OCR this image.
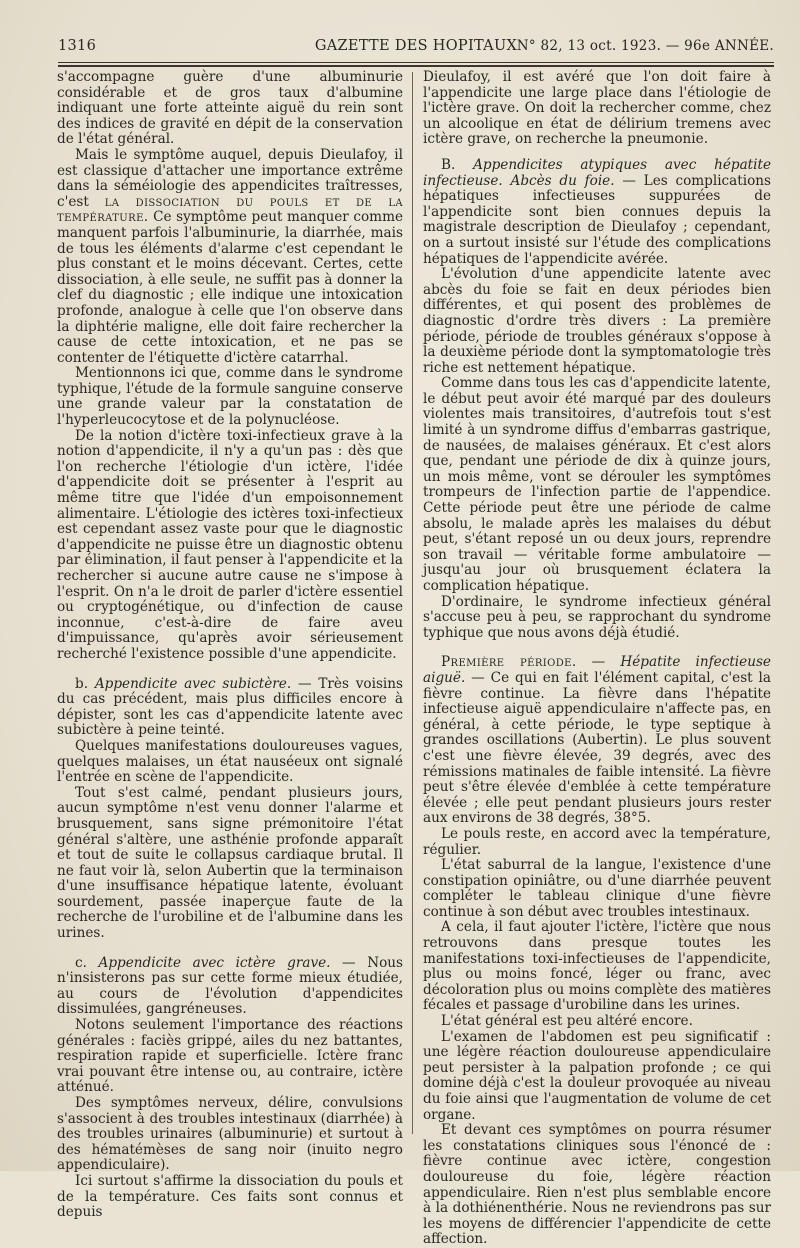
1316	GAZETTE DES HOPITAUX N° 82, 13 oct. 1923. — 96e ANNÉE.

s'accompagne guère d'une albuminurie considérable et de gros taux d'albumine indiquant une forte atteinte aiguë du rein sont des indices de gravité en dépit de la conservation de l'état général.

Mais le symptôme auquel, depuis Dieulafoy, il est classique d'attacher une importance extrême dans la séméiologie des appendicites traîtresses, c'est la dissociation du pouls et de la température. Ce symptôme peut manquer comme manquent parfois l'albuminurie, la diarrhée, mais de tous les éléments d'alarme c'est cependant le plus constant et le moins décevant. Certes, cette dissociation, à elle seule, ne suffit pas à donner la clef du diagnostic ; elle indique une intoxication profonde, analogue à celle que l'on observe dans la diphtérie maligne, elle doit faire rechercher la cause de cette intoxication, et ne pas se contenter de l'étiquette d'ictère catarrhal.

Mentionnons ici que, comme dans le syndrome typhique, l'étude de la formule sanguine conserve une grande valeur par la constatation de l'hyperleucocytose et de la polynucléose.

De la notion d'ictère toxi-infectieux grave à la notion d'appendicite, il n'y a qu'un pas : dès que l'on recherche l'étiologie d'un ictère, l'idée d'appendicite doit se présenter à l'esprit au même titre que l'idée d'un empoisonnement alimentaire. L'étiologie des ictères toxi-infectieux est cependant assez vaste pour que le diagnostic d'appendicite ne puisse être un diagnostic obtenu par élimination, il faut penser à l'appendicite et la rechercher si aucune autre cause ne s'impose à l'esprit. On n'a le droit de parler d'ictère essentiel ou cryptogénétique, ou d'infection de cause inconnue, c'est-à-dire de faire aveu d'impuissance, qu'après avoir sérieusement recherché l'existence possible d'une appendicite.

b. Appendicite avec subictère. — Très voisins du cas précédent, mais plus difficiles encore à dépister, sont les cas d'appendicite latente avec subictère à peine teinté.

Quelques manifestations douloureuses vagues, quelques malaises, un état nauséeux ont signalé l'entrée en scène de l'appendicite.

Tout s'est calmé, pendant plusieurs jours, aucun symptôme n'est venu donner l'alarme et brusquement, sans signe prémonitoire l'état général s'altère, une asthénie profonde apparaît et tout de suite le collapsus cardiaque brutal. Il ne faut voir là, selon Aubertin que la terminaison d'une insuffisance hépatique latente, évoluant sourdement, passée inaperçue faute de la recherche de l'urobiline et de l'albumine dans les urines.

c. Appendicite avec ictère grave. — Nous n'insisterons pas sur cette forme mieux étudiée, au cours de l'évolution d'appendicites dissimulées, gangréneuses.

Notons seulement l'importance des réactions générales : faciès grippé, ailes du nez battantes, respiration rapide et superficielle. Ictère franc vrai pouvant être intense ou, au contraire, ictère atténué.

Des symptômes nerveux, délire, convulsions s'associent à des troubles intestinaux (diarrhée) à des troubles urinaires (albuminurie) et surtout à des hématémèses de sang noir (inuito negro appendiculaire).

Ici surtout s'affirme la dissociation du pouls et de la température. Ces faits sont connus et depuis

Dieulafoy, il est avéré que l'on doit faire à l'appendicite une large place dans l'étiologie de l'ictère grave. On doit la rechercher comme, chez un alcoolique en état de délirium tremens avec ictère grave, on recherche la pneumonie.

B. Appendicites atypiques avec hépatite infectieuse. Abcès du foie. — Les complications hépatiques infectieuses suppurées de l'appendicite sont bien connues depuis la magistrale description de Dieulafoy ; cependant, on a surtout insisté sur l'étude des complications hépatiques de l'appendicite avérée.

L'évolution d'une appendicite latente avec abcès du foie se fait en deux périodes bien différentes, et qui posent des problèmes de diagnostic d'ordre très divers : La première période, période de troubles généraux s'oppose à la deuxième période dont la symptomatologie très riche est nettement hépatique.

Comme dans tous les cas d'appendicite latente, le début peut avoir été marqué par des douleurs violentes mais transitoires, d'autrefois tout s'est limité à un syndrome diffus d'embarras gastrique, de nausées, de malaises généraux. Et c'est alors que, pendant une période de dix à quinze jours, un mois même, vont se dérouler les symptômes trompeurs de l'infection partie de l'appendice. Cette période peut être une période de calme absolu, le malade après les malaises du début peut, s'étant reposé un ou deux jours, reprendre son travail — véritable forme ambulatoire — jusqu'au jour où brusquement éclatera la complication hépatique.

D'ordinaire, le syndrome infectieux général s'accuse peu à peu, se rapprochant du syndrome typhique que nous avons déjà étudié.

Première période. — Hépatite infectieuse aiguë. — Ce qui en fait l'élément capital, c'est la fièvre continue. La fièvre dans l'hépatite infectieuse aiguë appendiculaire n'affecte pas, en général, à cette période, le type septique à grandes oscillations (Aubertin). Le plus souvent c'est une fièvre élevée, 39 degrés, avec des rémissions matinales de faible intensité. La fièvre peut s'être élevée d'emblée à cette température élevée ; elle peut pendant plusieurs jours rester aux environs de 38 degrés, 38°5.

Le pouls reste, en accord avec la température, régulier.

L'état saburral de la langue, l'existence d'une constipation opiniâtre, ou d'une diarrhée peuvent compléter le tableau clinique d'une fièvre continue à son début avec troubles intestinaux.

A cela, il faut ajouter l'ictère, l'ictère que nous retrouvons dans presque toutes les manifestations toxi-infectieuses de l'appendicite, plus ou moins foncé, léger ou franc, avec décoloration plus ou moins complète des matières fécales et passage d'urobiline dans les urines.

L'état général est peu altéré encore.

L'examen de l'abdomen est peu significatif : une légère réaction douloureuse appendiculaire peut persister à la palpation profonde ; ce qui domine déjà c'est la douleur provoquée au niveau du foie ainsi que l'augmentation de volume de cet organe.

Et devant ces symptômes on pourra résumer les constatations cliniques sous l'énoncé de : fièvre continue avec ictère, congestion douloureuse du foie, légère réaction appendiculaire. Rien n'est plus semblable encore à la dothiénenthérie. Nous ne reviendrons pas sur les moyens de différencier l'appendicite de cette affection.
